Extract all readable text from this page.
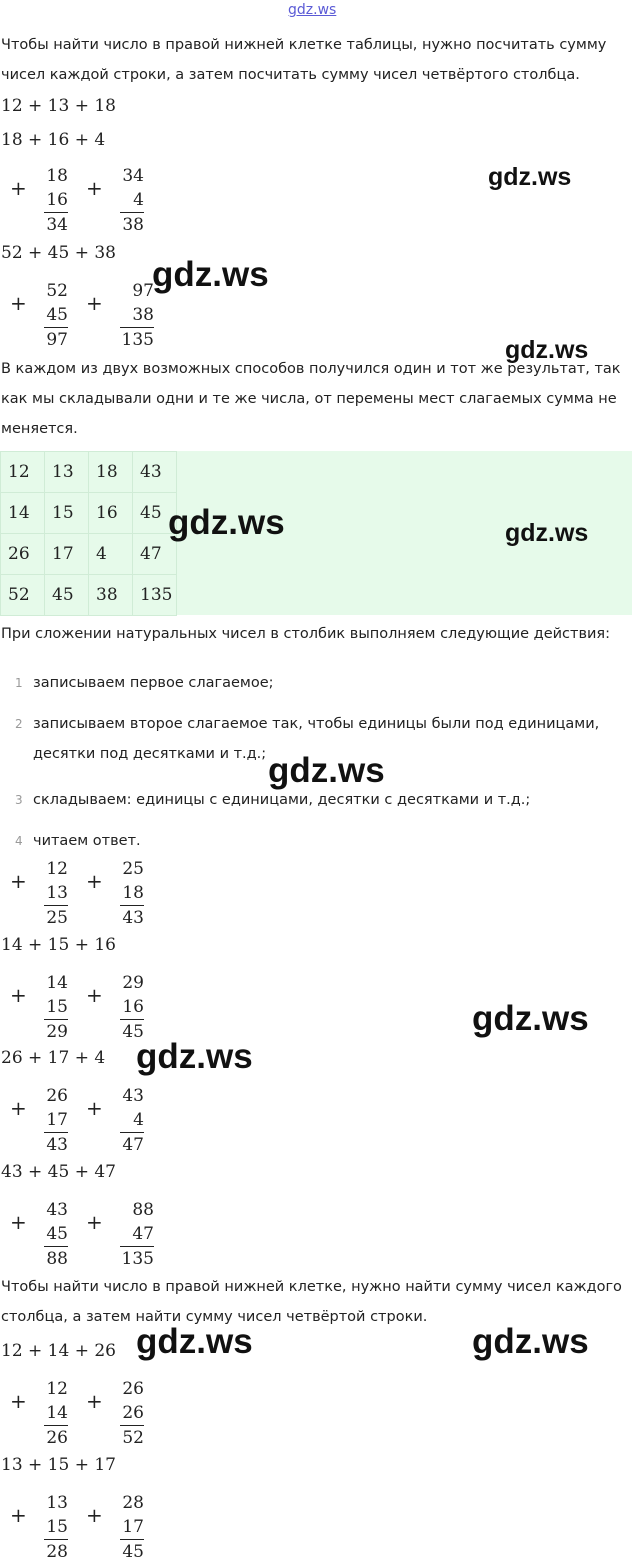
gdz.ws
Чтобы найти число в правой нижней клетке таблицы, нужно посчитать сумму чисел каждой строки, а затем посчитать сумму чисел четвёртого столбца.
12 + 13 + 18
18 + 16 + 4
+ 18
16
34
+ 34
4
38
52 + 45 + 38
+ 52
45
97
+	97
38
135
В каждом из двух возможных способов получился один и тот же результат, так как мы складывали одни и те же числа, от перемены мест слагаемых сумма не меняется.
12	13	18	43
14	15	16	45
26	17	4	47
52	45	38	135
При сложении натуральных чисел в столбик выполняем следующие действия:
1 записываем первое слагаемое;
2 записываем второе слагаемое так, чтобы единицы были под единицами, десятки под десятками и т.д.;
3 складываем: единицы с единицами, десятки с десятками и т.д.;
4 читаем ответ.
+ 12
13
25
+ 25
18
43
14 + 15 + 16
+ 14
15
29
+ 29
16
45
26 + 17 + 4
+ 26
17
43
+ 43
4
47
43 + 45 + 47
+ 43
45
88
+	88
47
135
Чтобы найти число в правой нижней клетке, нужно найти сумму чисел каждого столбца, а затем найти сумму чисел четвёртой строки.
12 + 14 + 26
+ 12
14
26
+ 26
26
52
13 + 15 + 17
+ 13
15
28
+ 28
17
45
gdz.ws
gdz.ws
gdz.ws
gdz.ws	gdz.ws
gdz.ws
gdz.ws
gdz.ws
gdz.ws	gdz.ws
